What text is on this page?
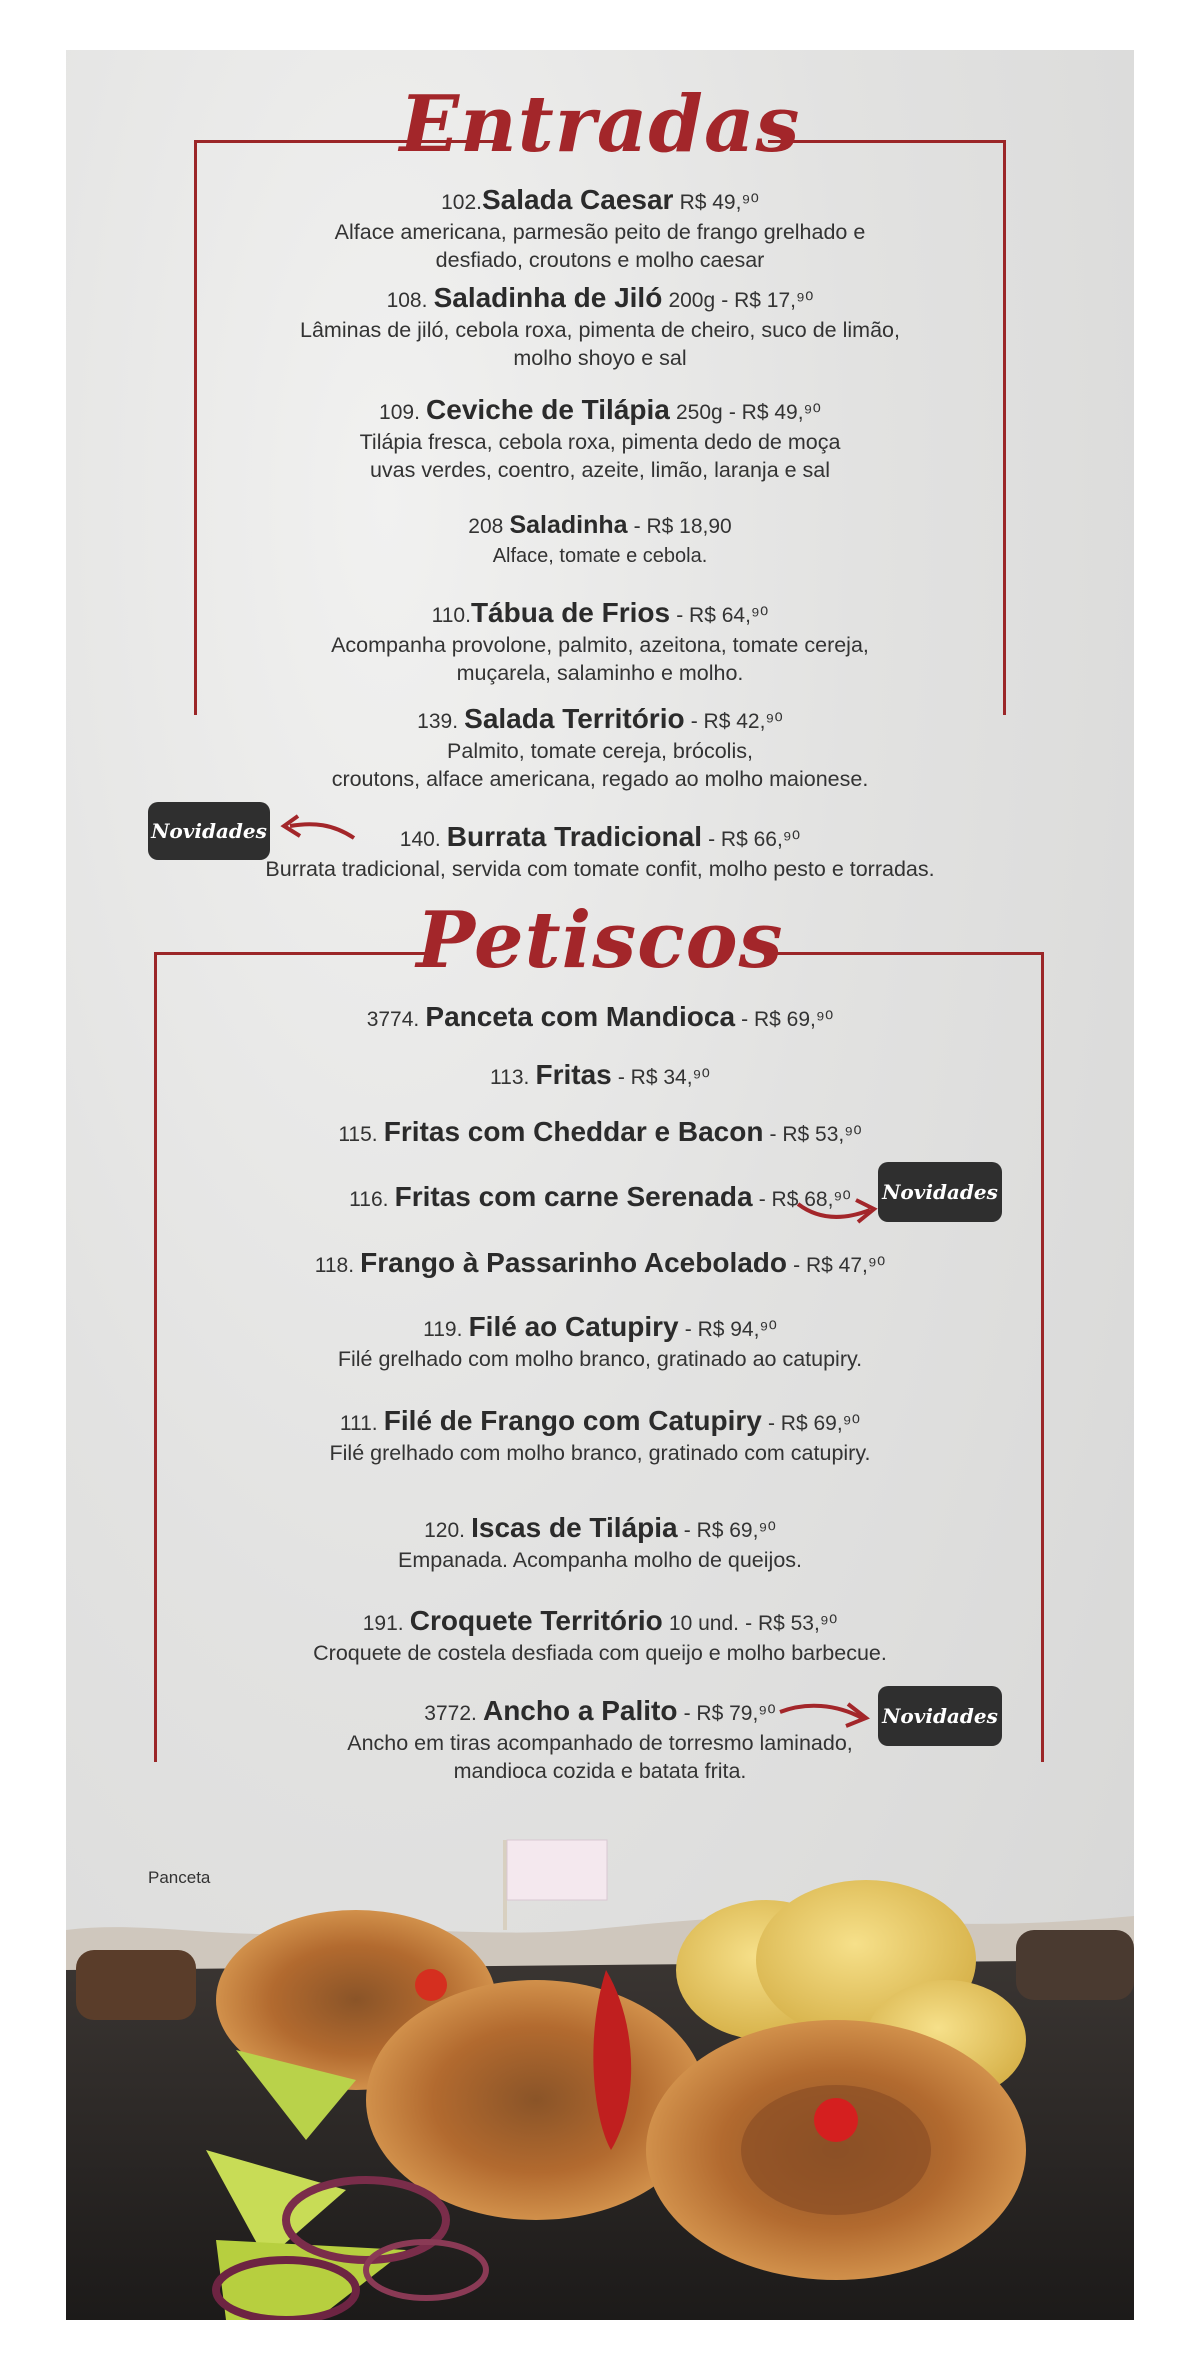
Entradas
Petiscos
102.Salada Caesar R$ 49,⁹⁰
Alface americana, parmesão peito de frango grelhado e
desfiado, croutons e molho caesar
108. Saladinha de Jiló 200g - R$ 17,⁹⁰
Lâminas de jiló, cebola roxa, pimenta de cheiro, suco de limão,
molho shoyo e sal
109. Ceviche de Tilápia 250g - R$ 49,⁹⁰
Tilápia fresca, cebola roxa, pimenta dedo de moça
uvas verdes, coentro, azeite, limão, laranja e sal
208 Saladinha - R$ 18,90
Alface, tomate e cebola.
110.Tábua de Frios - R$ 64,⁹⁰
Acompanha provolone, palmito, azeitona, tomate cereja,
muçarela, salaminho e molho.
139. Salada Território - R$ 42,⁹⁰
Palmito, tomate cereja, brócolis,
croutons, alface americana, regado ao molho maionese.
140. Burrata Tradicional - R$ 66,⁹⁰
Burrata tradicional, servida com tomate confit, molho pesto e torradas.
Novidades
3774. Panceta com Mandioca - R$ 69,⁹⁰
113. Fritas - R$ 34,⁹⁰
115. Fritas com Cheddar e Bacon - R$ 53,⁹⁰
116. Fritas com carne Serenada - R$ 68,⁹⁰
118. Frango à Passarinho Acebolado - R$ 47,⁹⁰
119. Filé ao Catupiry - R$ 94,⁹⁰
Filé grelhado com molho branco, gratinado ao catupiry.
111. Filé de Frango com Catupiry - R$ 69,⁹⁰
Filé grelhado com molho branco, gratinado com catupiry.
120. Iscas de Tilápia - R$ 69,⁹⁰
Empanada. Acompanha molho de queijos.
191. Croquete Território 10 und. - R$ 53,⁹⁰
Croquete de costela desfiada com queijo e molho barbecue.
3772. Ancho a Palito - R$ 79,⁹⁰
Ancho em tiras acompanhado de torresmo laminado,
mandioca cozida e batata frita.
Novidades
Novidades
Panceta
